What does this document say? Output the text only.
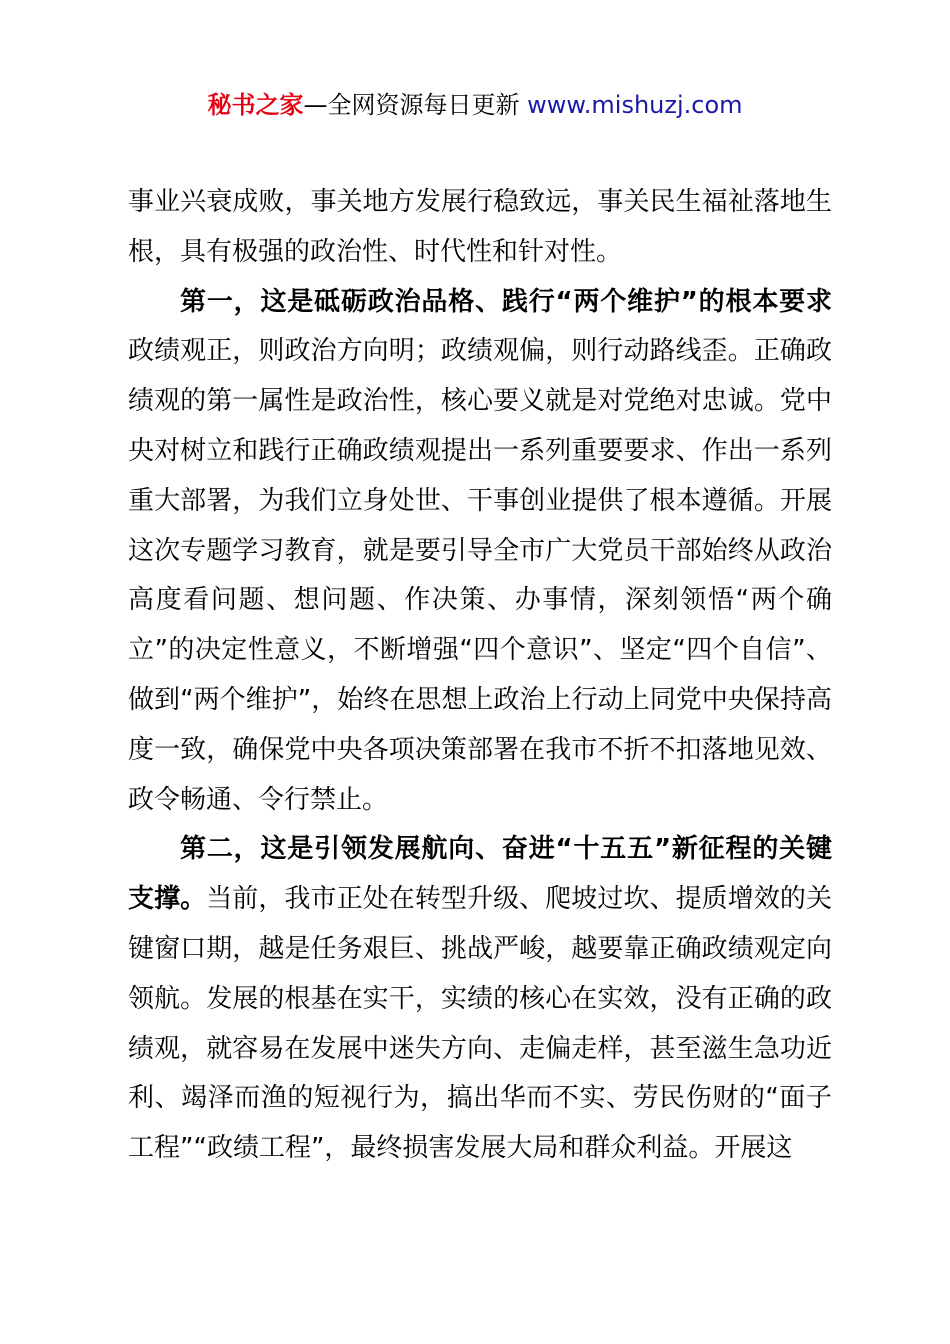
秘书之家—全网资源每日更新 www.mishuzj.com

事业兴衰成败，事关地方发展行稳致远，事关民生福祉落地生根，具有极强的政治性、时代性和针对性。

第一，这是砥砺政治品格、践行“两个维护”的根本要求 政绩观正，则政治方向明；政绩观偏，则行动路线歪。正确政绩观的第一属性是政治性，核心要义就是对党绝对忠诚。党中央对树立和践行正确政绩观提出一系列重要要求、作出一系列重大部署，为我们立身处世、干事创业提供了根本遵循。开展这次专题学习教育，就是要引导全市广大党员干部始终从政治高度看问题、想问题、作决策、办事情，深刻领悟“两个确立”的决定性意义，不断增强“四个意识”、坚定“四个自信”、做到“两个维护”，始终在思想上政治上行动上同党中央保持高度一致，确保党中央各项决策部署在我市不折不扣落地见效、政令畅通、令行禁止。

第二，这是引领发展航向、奋进“十五五”新征程的关键支撑。当前，我市正处在转型升级、爬坡过坎、提质增效的关键窗口期，越是任务艰巨、挑战严峻，越要靠正确政绩观定向领航。发展的根基在实干，实绩的核心在实效，没有正确的政绩观，就容易在发展中迷失方向、走偏走样，甚至滋生急功近利、竭泽而渔的短视行为，搞出华而不实、劳民伤财的“面子工程”“政绩工程”，最终损害发展大局和群众利益。开展这
